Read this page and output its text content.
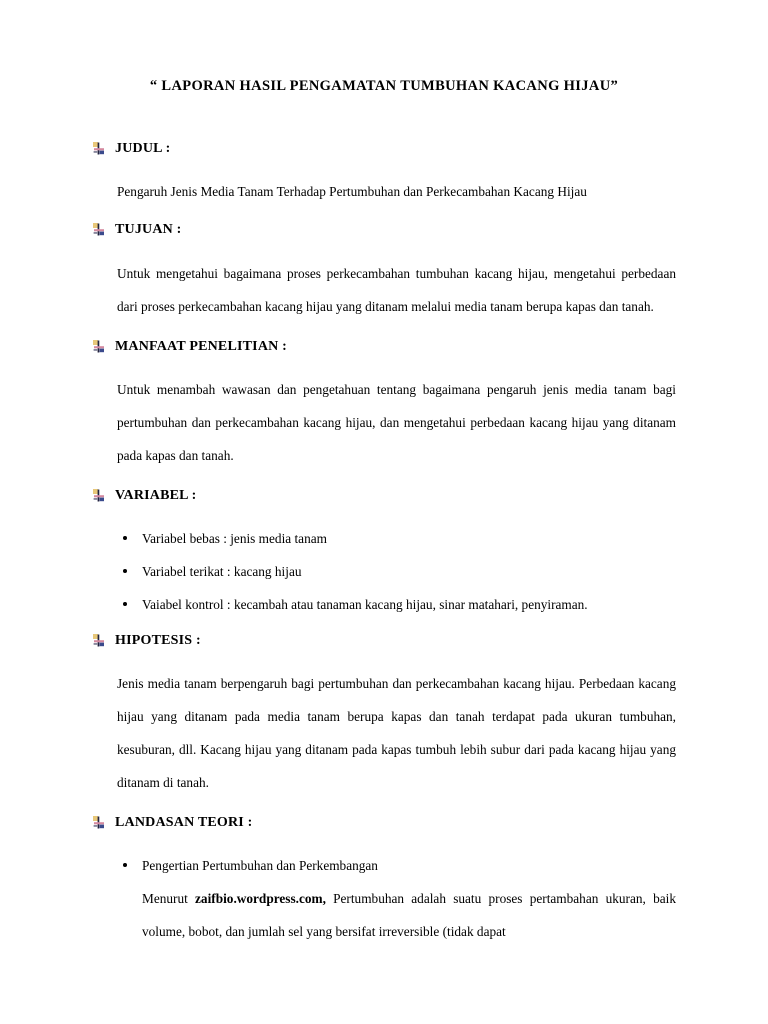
“ LAPORAN HASIL PENGAMATAN TUMBUHAN KACANG HIJAU”
JUDUL :
Pengaruh Jenis Media Tanam Terhadap Pertumbuhan dan Perkecambahan Kacang Hijau
TUJUAN :
Untuk mengetahui bagaimana proses perkecambahan tumbuhan kacang hijau, mengetahui perbedaan dari proses perkecambahan kacang hijau yang ditanam melalui media tanam berupa kapas dan tanah.
MANFAAT PENELITIAN :
Untuk menambah wawasan dan pengetahuan tentang bagaimana pengaruh jenis media tanam bagi pertumbuhan dan perkecambahan kacang hijau, dan mengetahui perbedaan kacang hijau yang ditanam pada kapas dan tanah.
VARIABEL :
Variabel bebas : jenis media tanam
Variabel terikat : kacang hijau
Vaiabel kontrol : kecambah atau tanaman kacang hijau, sinar matahari, penyiraman.
HIPOTESIS :
Jenis media tanam berpengaruh bagi pertumbuhan dan perkecambahan kacang hijau. Perbedaan kacang hijau yang ditanam pada media tanam berupa kapas dan tanah terdapat pada ukuran tumbuhan, kesuburan, dll. Kacang hijau yang ditanam pada kapas tumbuh lebih subur dari pada kacang hijau yang ditanam di tanah.
LANDASAN TEORI :
Pengertian Pertumbuhan dan Perkembangan
Menurut zaifbio.wordpress.com, Pertumbuhan adalah suatu proses pertambahan ukuran, baik volume, bobot, dan jumlah sel yang bersifat irreversible (tidak dapat
